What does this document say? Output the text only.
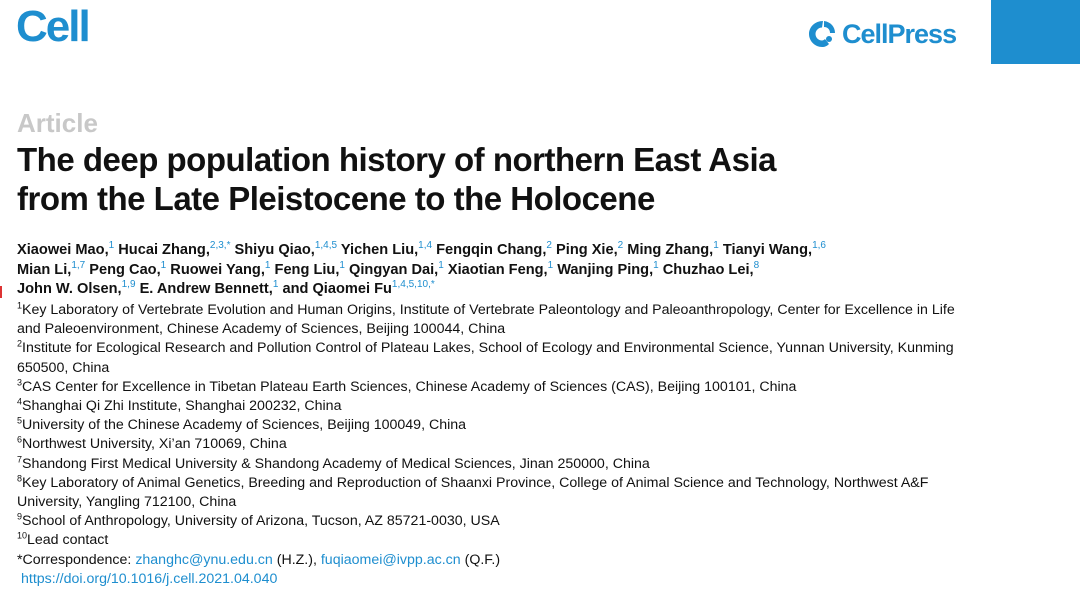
Cell	CellPress
Article
The deep population history of northern East Asia
from the Late Pleistocene to the Holocene
Xiaowei Mao,$^1$ Hucai Zhang,$^{2,3,*}$ Shiyu Qiao,$^{1,4,5}$ Yichen Liu,$^{1,4}$ Fengqin Chang,$^2$ Ping Xie,$^2$ Ming Zhang,$^1$ Tianyi Wang,$^{1,6}$
Mian Li,$^{1,7}$ Peng Cao,$^1$ Ruowei Yang,$^1$ Feng Liu,$^1$ Qingyan Dai,$^1$ Xiaotian Feng,$^1$ Wanjing Ping,$^1$ Chuzhao Lei,$^8$
John W. Olsen,$^{1,9}$ E. Andrew Bennett,$^1$ and Qiaomei $Fu^{1,4,5,10,*}$
$^1$Key Laboratory of Vertebrate Evolution and Human Origins, Institute of Vertebrate Paleontology and Paleoanthropology, Center for Excellence in Life and Paleoenvironment, Chinese Academy of Sciences, Beijing 100044, China
$^2$Institute for Ecological Research and Pollution Control of Plateau Lakes, School of Ecology and Environmental Science, Yunnan University, Kunming 650500, China
$^3$CAS Center for Excellence in Tibetan Plateau Earth Sciences, Chinese Academy of Sciences (CAS), Beijing 100101, China
$^4$Shanghai Qi Zhi Institute, Shanghai 200232, China
$^5$University of the Chinese Academy of Sciences, Beijing 100049, China
$^6$Northwest University, Xi’an 710069, China
$^7$Shandong First Medical University & Shandong Academy of Medical Sciences, Jinan 250000, China
$^8$Key Laboratory of Animal Genetics, Breeding and Reproduction of Shaanxi Province, College of Animal Science and Technology, Northwest A&F University, Yangling 712100, China
$^9$School of Anthropology, University of Arizona, Tucson, AZ 85721-0030, USA
$^{10}$Lead contact
*Correspondence: zhanghc@ynu.edu.cn (H.Z.), fuqiaomei@ivpp.ac.cn (Q.F.)
https://doi.org/10.1016/j.cell.2021.04.040
